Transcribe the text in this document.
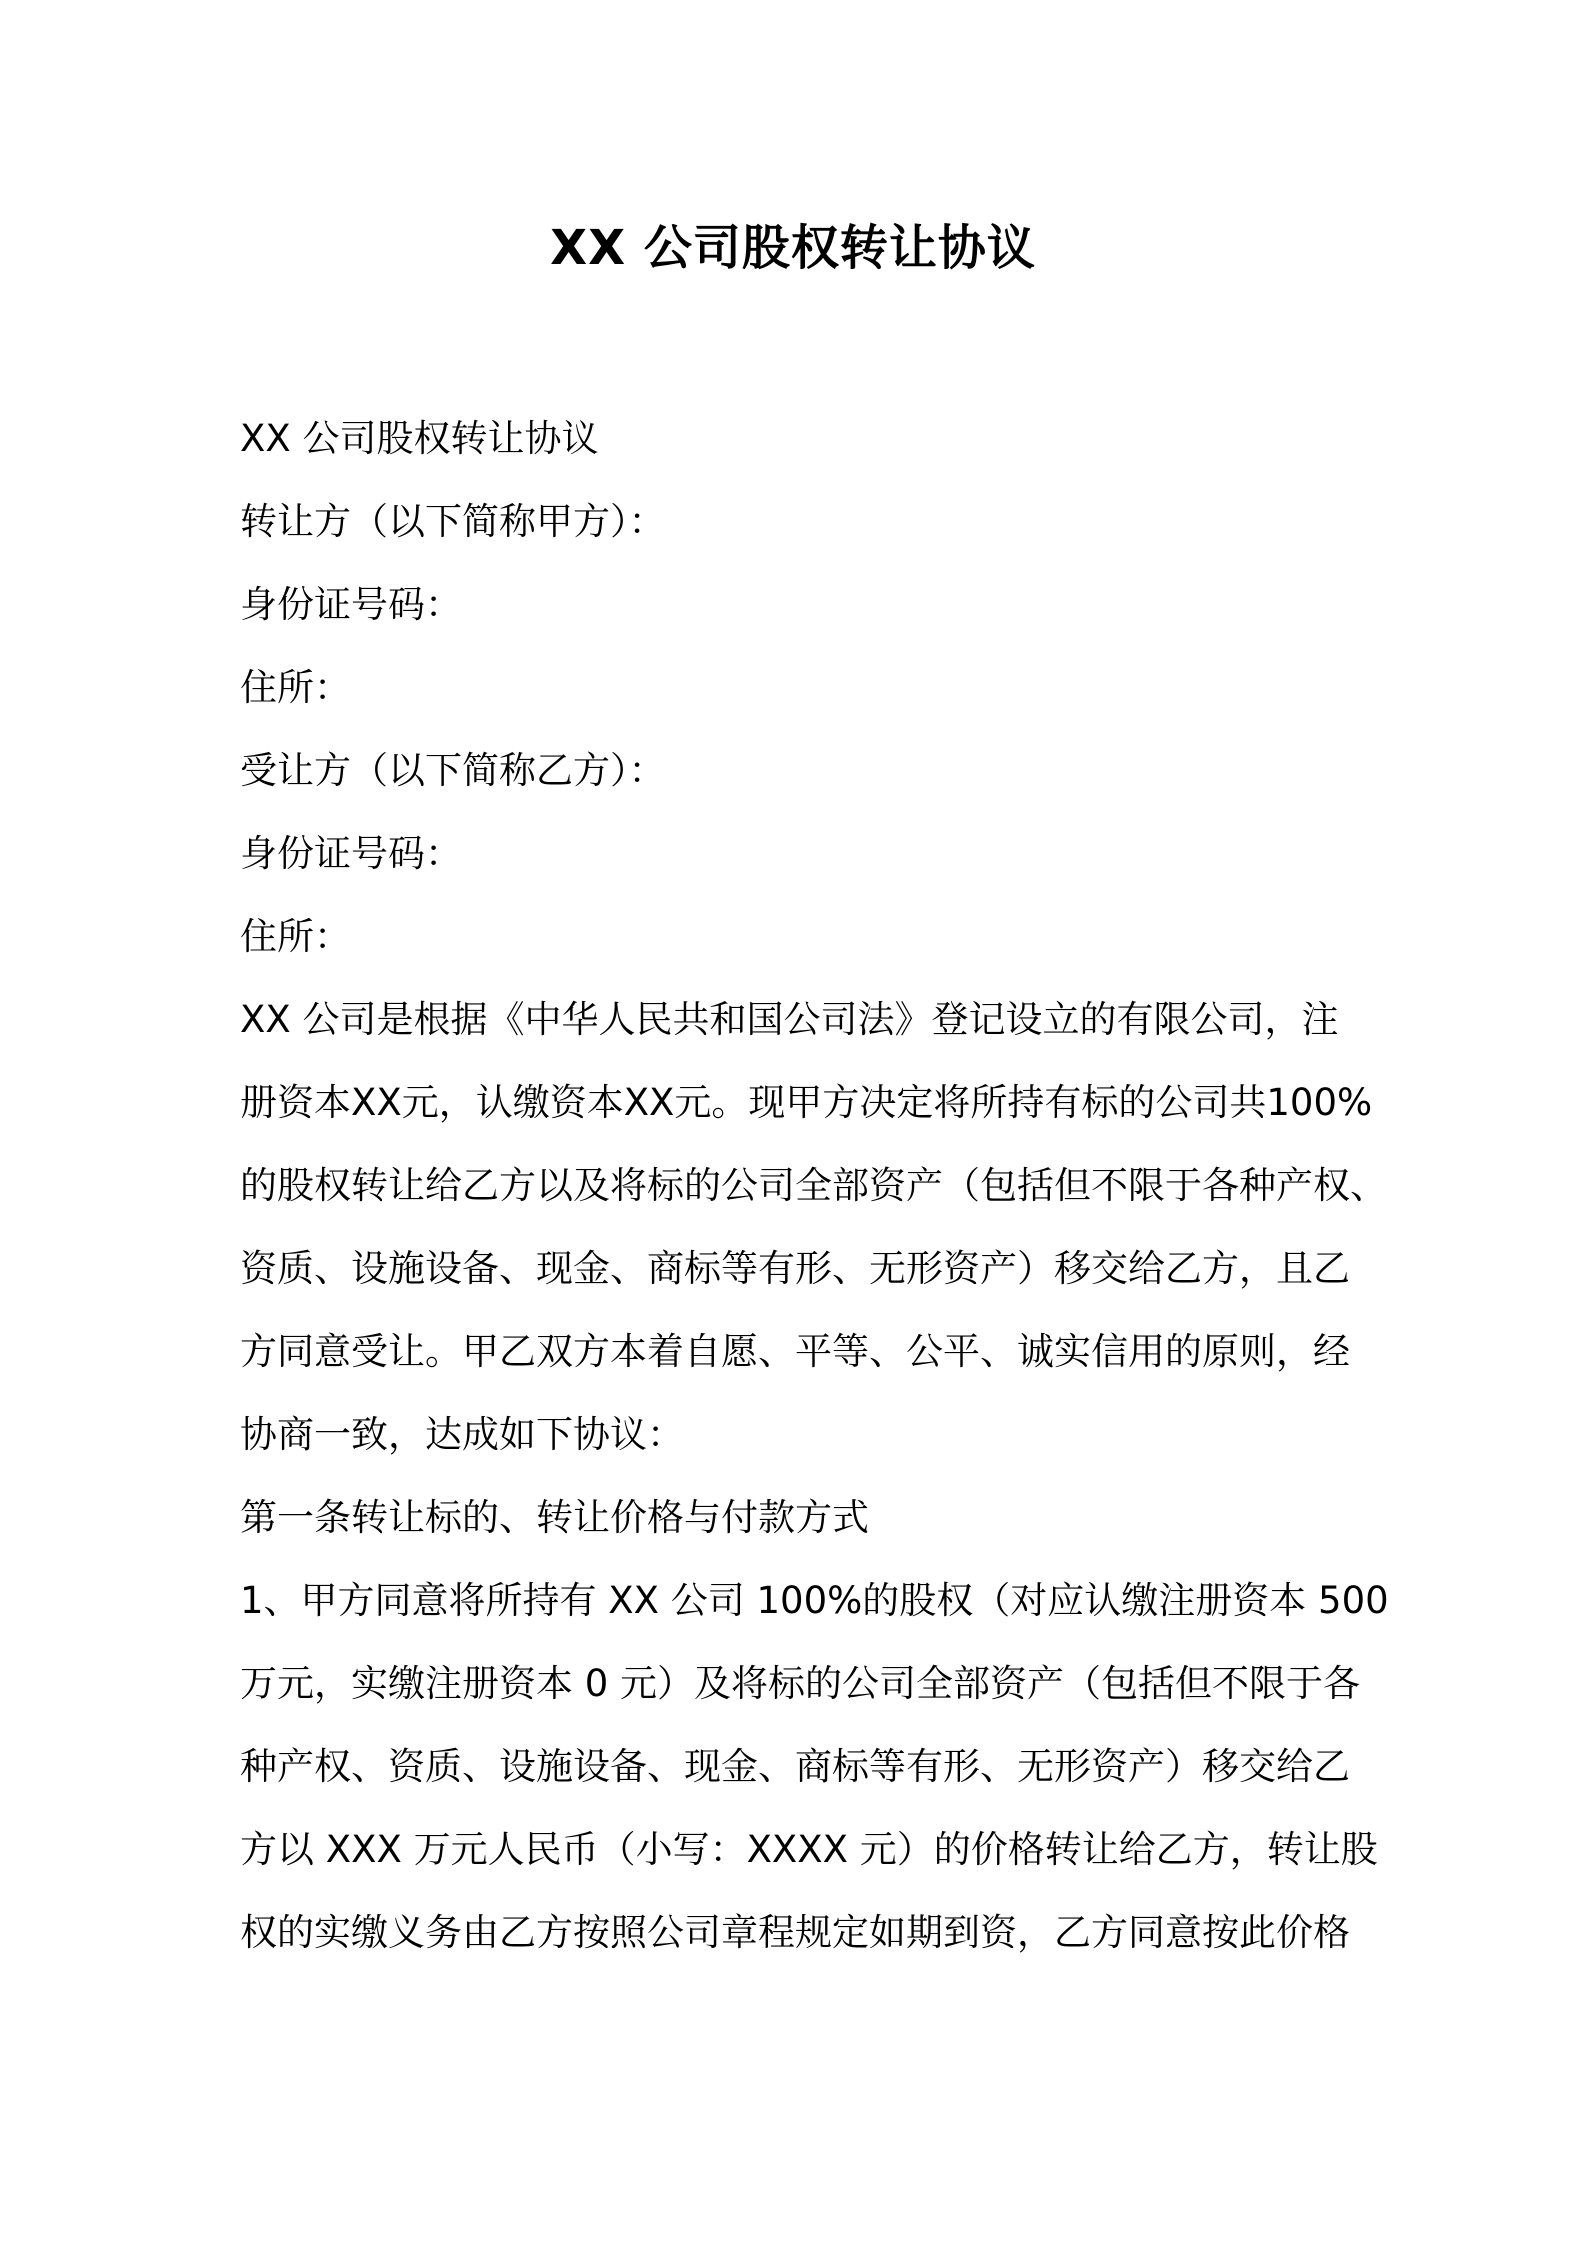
XX 公司股权转让协议

XX 公司股权转让协议

转让方（以下简称甲方）：

身份证号码：

住所：

受让方（以下简称乙方）：

身份证号码：

住所：

XX 公司是根据《中华人民共和国公司法》登记设立的有限公司，注

册资本XX元，认缴资本XX元。现甲方决定将所持有标的公司共100%

的股权转让给乙方以及将标的公司全部资产（包括但不限于各种产权、

资质、设施设备、现金、商标等有形、无形资产）移交给乙方，且乙

方同意受让。甲乙双方本着自愿、平等、公平、诚实信用的原则，经

协商一致，达成如下协议：

第一条转让标的、转让价格与付款方式

1、甲方同意将所持有 XX 公司 100%的股权（对应认缴注册资本 500

万元，实缴注册资本 0 元）及将标的公司全部资产（包括但不限于各

种产权、资质、设施设备、现金、商标等有形、无形资产）移交给乙

方以 XXX 万元人民币（小写：XXXX 元）的价格转让给乙方，转让股

权的实缴义务由乙方按照公司章程规定如期到资，乙方同意按此价格
